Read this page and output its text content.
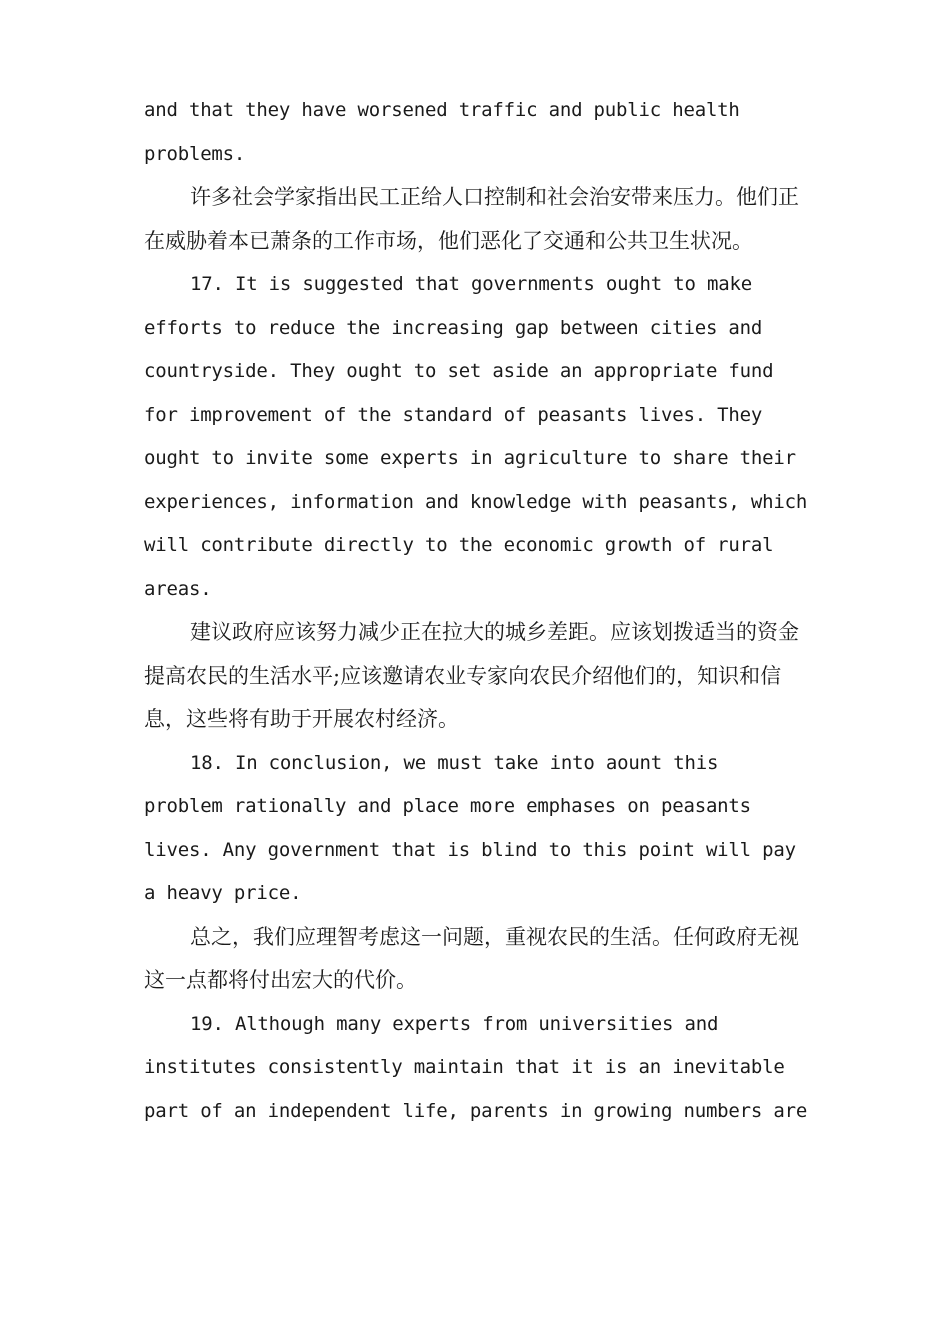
and that they have worsened traffic and public health problems.

许多社会学家指出民工正给人口控制和社会治安带来压力。他们正在威胁着本已萧条的工作市场，他们恶化了交通和公共卫生状况。

17. It is suggested that governments ought to make efforts to reduce the increasing gap between cities and countryside. They ought to set aside an appropriate fund for improvement of the standard of peasants lives. They ought to invite some experts in agriculture to share their experiences, information and knowledge with peasants, which will contribute directly to the economic growth of rural areas.

建议政府应该努力减少正在拉大的城乡差距。应该划拨适当的资金提高农民的生活水平;应该邀请农业专家向农民介绍他们的，知识和信息，这些将有助于开展农村经济。

18. In conclusion, we must take into aount this problem rationally and place more emphases on peasants lives. Any government that is blind to this point will pay a heavy price.

总之，我们应理智考虑这一问题，重视农民的生活。任何政府无视这一点都将付出宏大的代价。

19. Although many experts from universities and institutes consistently maintain that it is an inevitable part of an independent life, parents in growing numbers are
